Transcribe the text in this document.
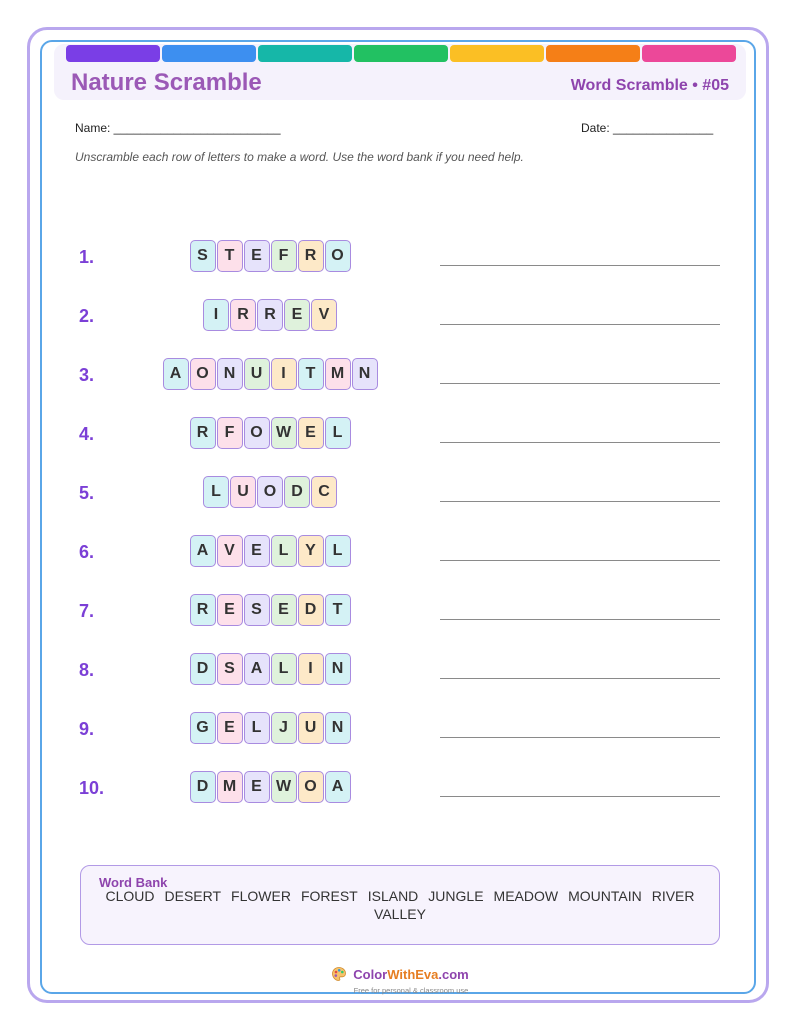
Nature Scramble	Word Scramble • #05
Name: _________________________	Date: _______________
Unscramble each row of letters to make a word. Use the word bank if you need help.
1.	S	T	E	F	R O
2.	I	R R E	V
3.	A O N U	I	T M N
4.	R	F O W E	L
5.	L	U O D C
6.	A V	E	L	Y	L
7.	R E	S	E D	T
8.	D S A	L	I	N
9.	G E	L	J	U N
10.	D M E W O A
Word Bank
CLOUD DESERT FLOWER FOREST ISLAND JUNGLE MEADOW MOUNTAIN RIVERVALLEY
ColorWithEva.com
Free for personal & classroom use
